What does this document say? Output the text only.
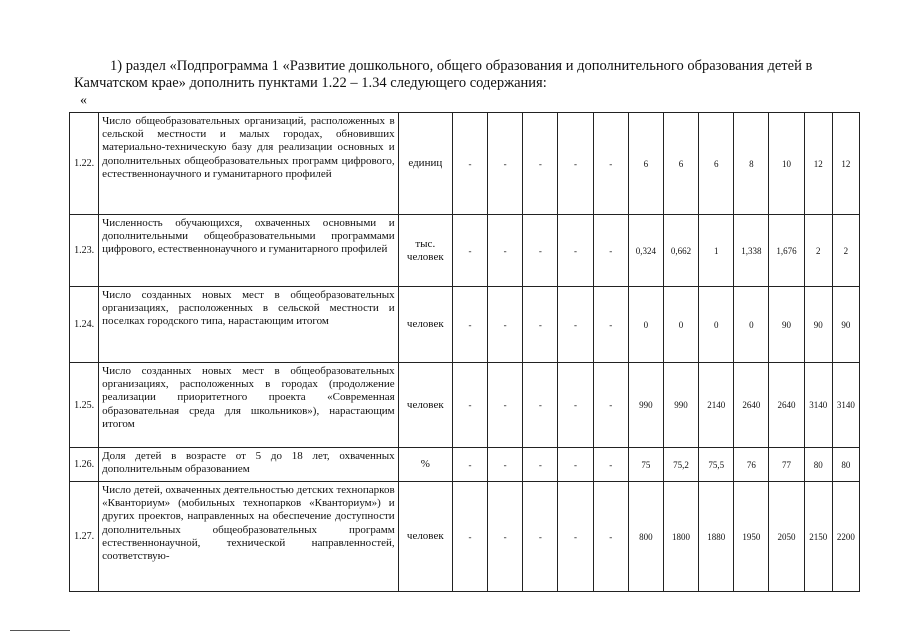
1) раздел «Подпрограмма 1 «Развитие дошкольного, общего образования и дополнительного образования детей в
Камчатском крае» дополнить пунктами 1.22 – 1.34 следующего содержания:
«
1.22.	Число общеобразовательных организаций, расположенных в сельской местности и малых городах, обновивших материально-техническую базу для реализации основных и дополнительных общеобразовательных программ цифрового, естественнонаучного и гуманитарного профилей	единиц	-	-	-	-	-	6	6	6	8	10	12	12
1.23.	Численность обучающихся, охваченных основными и дополнительными общеобразовательными программами цифрового, естественнонаучного и гуманитарного профилей	тыс. человек	-	-	-	-	-	0,324	0,662	1	1,338	1,676	2	2
1.24.	Число созданных новых мест в общеобразовательных организациях, расположенных в сельской местности и поселках городского типа, нарастающим итогом	человек	-	-	-	-	-	0	0	0	0	90	90	90
1.25.	Число созданных новых мест в общеобразовательных организациях, расположенных в городах (продолжение реализации приоритетного проекта «Современная образовательная среда для школьников»), нарастающим итогом	человек	-	-	-	-	-	990	990	2140	2640	2640	3140	3140
1.26.	Доля детей в возрасте от 5 до 18 лет, охваченных дополнительным образованием	%	-	-	-	-	-	75	75,2	75,5	76	77	80	80
1.27.	Число детей, охваченных деятельностью детских технопарков «Кванториум» (мобильных технопарков «Кванториум») и других проектов, направленных на обеспечение доступности дополнительных общеобразовательных программ естественнонаучной, технической направленностей, соответствую-	человек	-	-	-	-	-	800	1800	1880	1950	2050	2150	2200
